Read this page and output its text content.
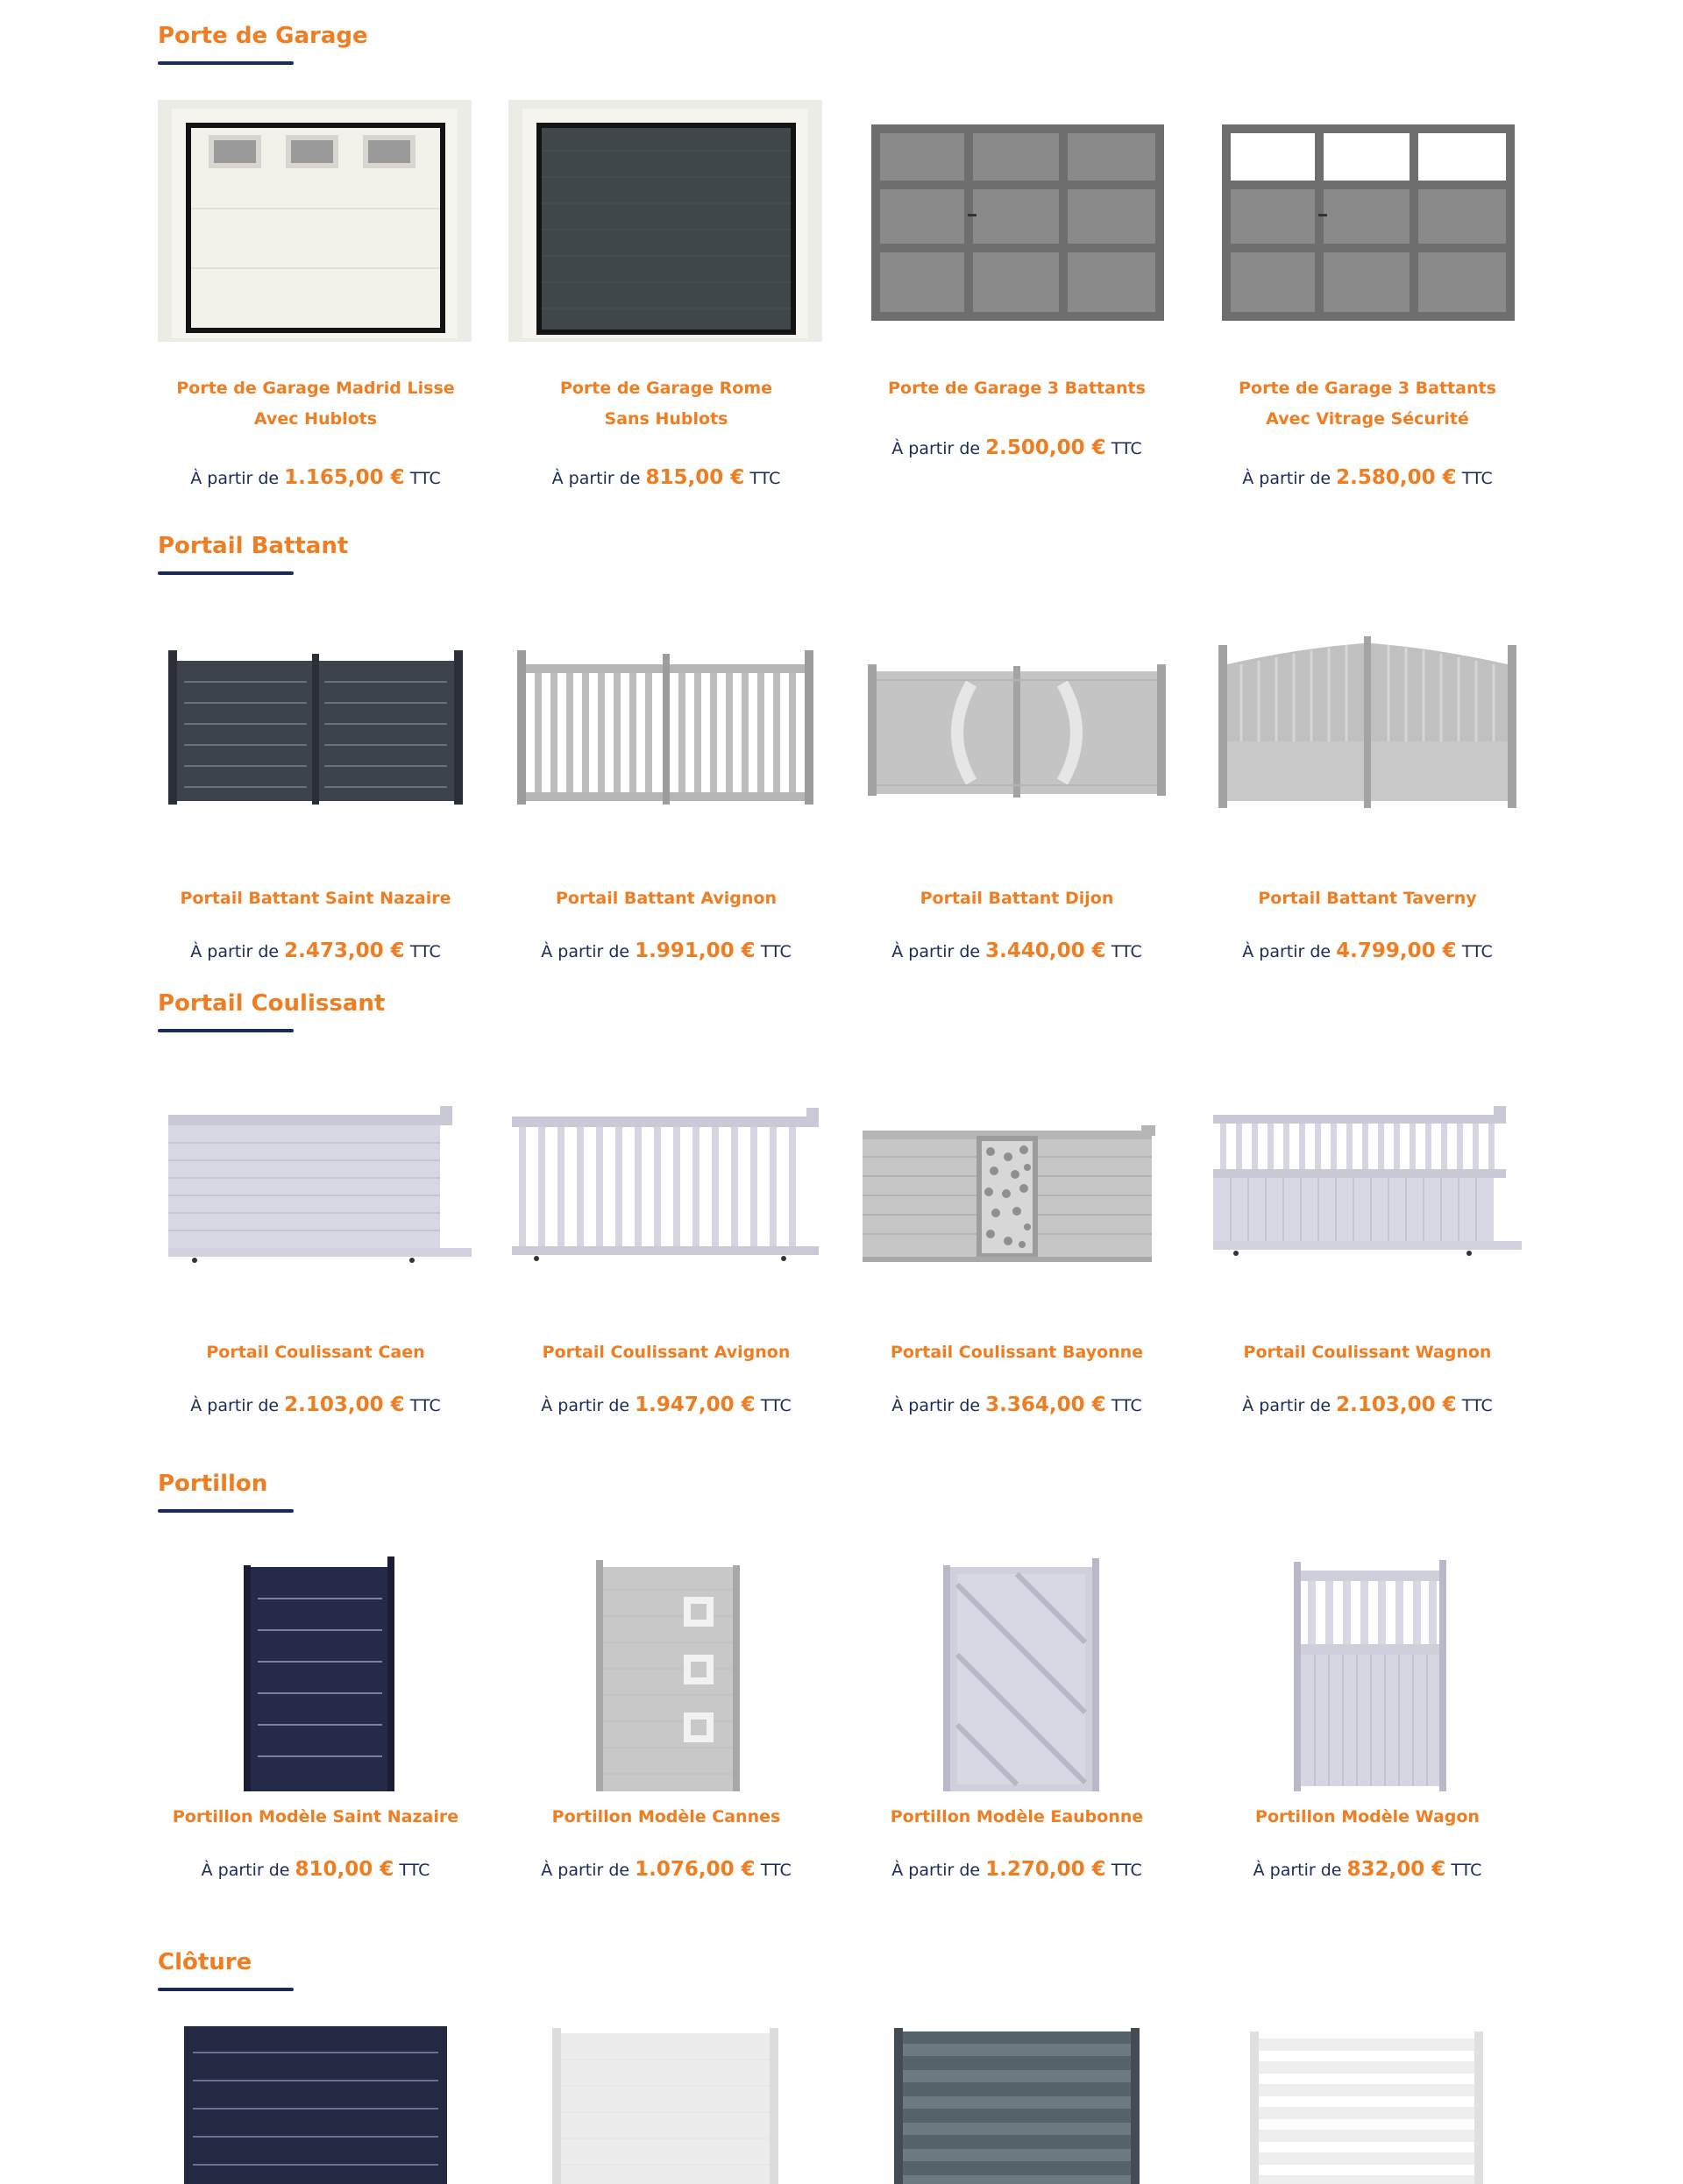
Porte de Garage
Porte de Garage Madrid Lisse
Avec Hublots
À partir de 1.165,00 € TTC
Porte de Garage Rome
Sans Hublots
À partir de 815,00 € TTC
Porte de Garage 3 Battants
À partir de 2.500,00 € TTC
Porte de Garage 3 Battants
Avec Vitrage Sécurité
À partir de 2.580,00 € TTC
Portail Battant
Portail Battant Saint Nazaire
À partir de 2.473,00 € TTC
Portail Battant Avignon
À partir de 1.991,00 € TTC
Portail Battant Dijon
À partir de 3.440,00 € TTC
Portail Battant Taverny
À partir de 4.799,00 € TTC
Portail Coulissant
Portail Coulissant Caen
À partir de 2.103,00 € TTC
Portail Coulissant Avignon
À partir de 1.947,00 € TTC
Portail Coulissant Bayonne
À partir de 3.364,00 € TTC
Portail Coulissant Wagnon
À partir de 2.103,00 € TTC
Portillon
Portillon Modèle Saint Nazaire
À partir de 810,00 € TTC
Portillon Modèle Cannes
À partir de 1.076,00 € TTC
Portillon Modèle Eaubonne
À partir de 1.270,00 € TTC
Portillon Modèle Wagon
À partir de 832,00 € TTC
Clôture
